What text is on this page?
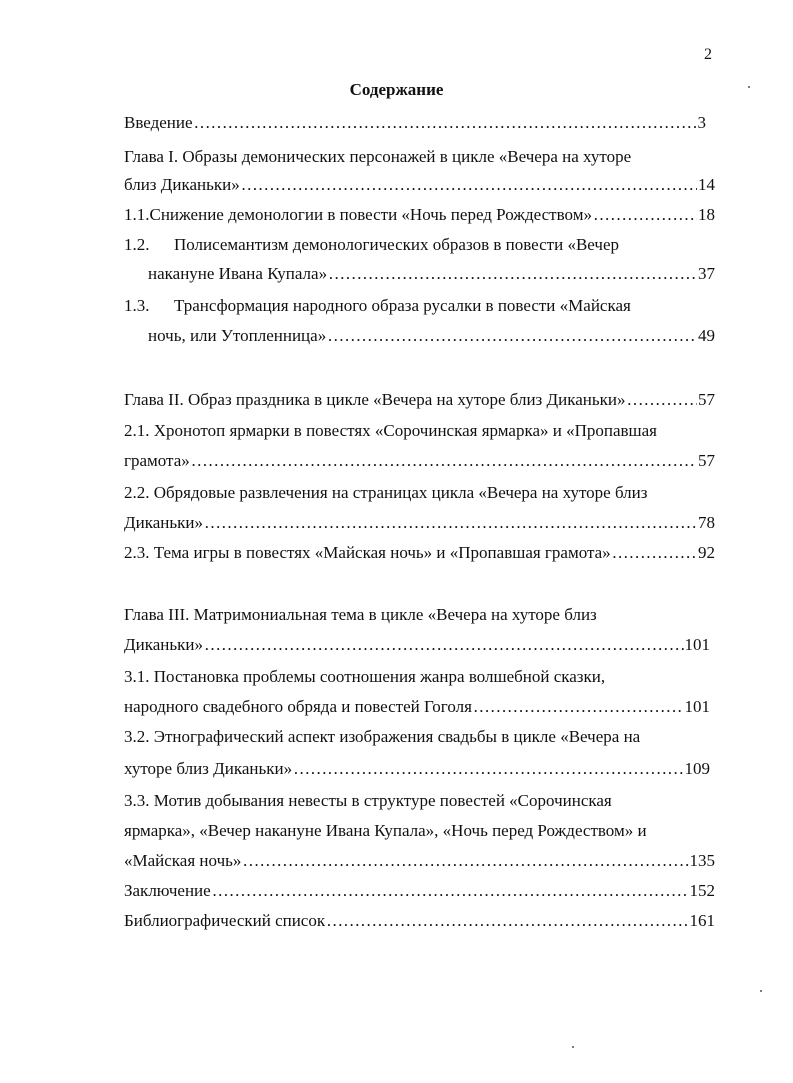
2
Содержание
Введение ……………………………………………………………………………………………………………………………………………………………………………………………………………………	3
Глава I. Образы демонических персонажей в цикле «Вечера на хуторе
близ Диканьки» ……………………………………………………………………………………………………………………………………………………………………………………………………………………	14
1.1. Снижение демонологии в повести «Ночь перед Рождеством» ……………………………………………………………………………………………………………………………………………………………………………………………………………………	18
1.2.	Полисемантизм демонологических образов в повести «Вечер
накануне Ивана Купала» ……………………………………………………………………………………………………………………………………………………………………………………………………………………	37
1.3.	Трансформация народного образа русалки в повести «Майская
ночь, или Утопленница» ……………………………………………………………………………………………………………………………………………………………………………………………………………………	49
Глава II. Образ праздника в цикле «Вечера на хуторе близ Диканьки» ……………………………………………………………………………………………………………………………………………………………………………………………………………………	57
2.1. Хронотоп ярмарки в повестях «Сорочинская ярмарка» и «Пропавшая
грамота» ……………………………………………………………………………………………………………………………………………………………………………………………………………………	57
2.2. Обрядовые развлечения на страницах цикла «Вечера на хуторе близ
Диканьки» ……………………………………………………………………………………………………………………………………………………………………………………………………………………	78
2.3. Тема игры в повестях «Майская ночь» и «Пропавшая грамота» ……………………………………………………………………………………………………………………………………………………………………………………………………………………	92
Глава III. Матримониальная тема в цикле «Вечера на хуторе близ
Диканьки» ……………………………………………………………………………………………………………………………………………………………………………………………………………………	101
3.1. Постановка проблемы соотношения жанра волшебной сказки,
народного свадебного обряда и повестей Гоголя ……………………………………………………………………………………………………………………………………………………………………………………………………………………	101
3.2. Этнографический аспект изображения свадьбы в цикле «Вечера на
хуторе близ Диканьки» ……………………………………………………………………………………………………………………………………………………………………………………………………………………	109
3.3. Мотив добывания невесты в структуре повестей «Сорочинская
ярмарка», «Вечер накануне Ивана Купала», «Ночь перед Рождеством» и
«Майская ночь» ……………………………………………………………………………………………………………………………………………………………………………………………………………………	135
Заключение ……………………………………………………………………………………………………………………………………………………………………………………………………………………	152
Библиографический список ……………………………………………………………………………………………………………………………………………………………………………………………………………………	161
